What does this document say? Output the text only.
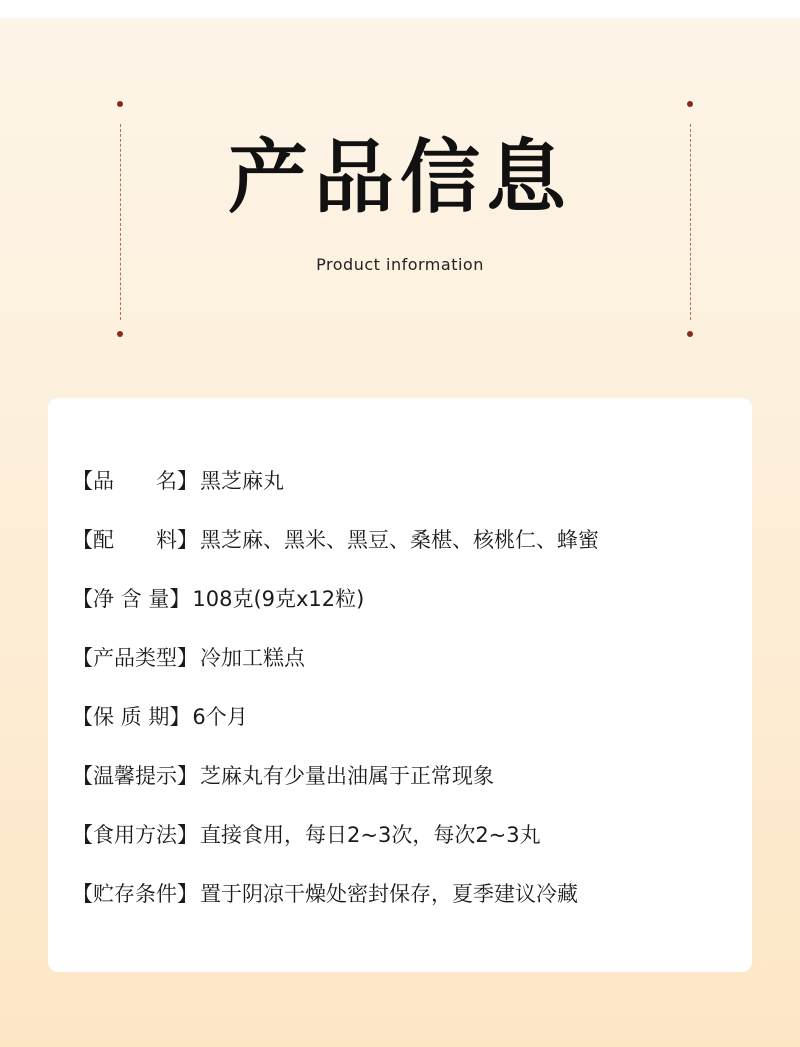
产品信息
Product information
【品　　名】 黑芝麻丸
【配　　料】 黑芝麻、黑米、黑豆、桑椹、核桃仁、蜂蜜
【净 含 量】 108克(9克x12粒)
【产品类型】 冷加工糕点
【保 质 期】 6个月
【温馨提示】 芝麻丸有少量出油属于正常现象
【食用方法】 直接食用，每日2~3次，每次2~3丸
【贮存条件】 置于阴凉干燥处密封保存，夏季建议冷藏
